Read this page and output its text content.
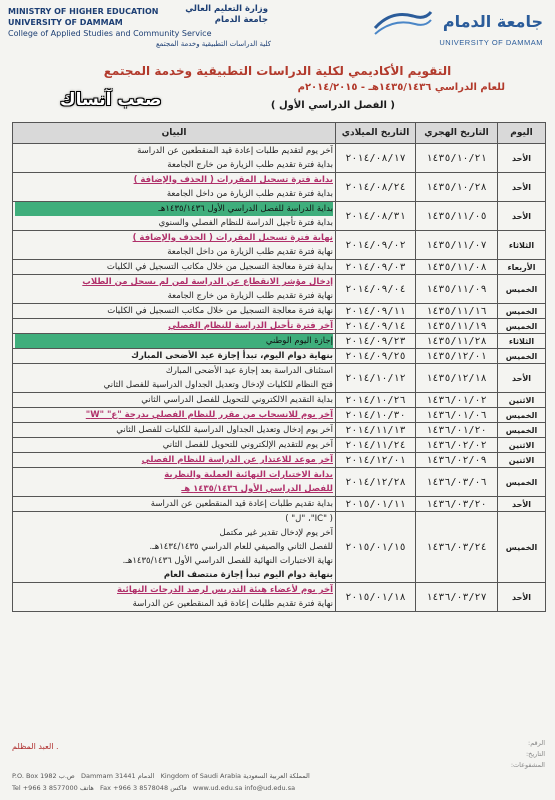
MINISTRY OF HIGHER EDUCATION
UNIVERSITY OF DAMMAM
College of Applied Studies and Community Service
وزارة التعليم العالي
جامعة الدمام

كلية الدراسات التطبيقية وخدمة المجتمع
جامعة الدمام
UNIVERSITY OF DAMMAM
التقويم الأكاديمي لكلية الدراسات التطبيقية وخدمة المجتمع
للعام الدراسي ١٤٣٥/١٤٣٦هـ - ٢٠١٤/٢٠١٥م
( الفصل الدراسي الأول )
صعب آنساك
اليوم	التاريخ الهجري	التاريخ الميلادي	البيان
الأحد	١٤٣٥/١٠/٢١	٢٠١٤/٠٨/١٧	آخر يوم لتقديم طلبات إعادة قيد المنقطعين عن الدراسة
بداية فترة تقديم طلب الزيارة من خارج الجامعة

الأحد	١٤٣٥/١٠/٢٨	٢٠١٤/٠٨/٢٤	بداية فترة تسجيل المقررات ( الحذف والإضافة )
بداية فترة تقديم طلب الزيارة من داخل الجامعة

الأحد	١٤٣٥/١١/٠٥	٢٠١٤/٠٨/٣١	بداية الدراسة للفصل الدراسي الأول ١٤٣٥/١٤٣٦هـ
بداية فترة تأجيل الدراسة للنظام الفصلي والسنوي

الثلاثاء	١٤٣٥/١١/٠٧	٢٠١٤/٠٩/٠٢	نهاية فترة تسجيل المقررات ( الحذف والإضافة )
نهاية فترة تقديم طلب الزيارة من داخل الجامعة

الأربعاء	١٤٣٥/١١/٠٨	٢٠١٤/٠٩/٠٣	بداية فترة معالجة التسجيل من خلال مكاتب التسجيل في الكليات

الخميس	١٤٣٥/١١/٠٩	٢٠١٤/٠٩/٠٤	إدخال مؤشر الانقطاع عن الدراسة لمن لم يسجل من الطلاب
نهاية فترة تقديم طلب الزيارة من خارج الجامعة

الخميس	١٤٣٥/١١/١٦	٢٠١٤/٠٩/١١	نهاية فترة معالجة التسجيل من خلال مكاتب التسجيل في الكليات

الخميس	١٤٣٥/١١/١٩	٢٠١٤/٠٩/١٤	آخر فترة تأجيل الدراسة للنظام الفصلي

الثلاثاء	١٤٣٥/١١/٢٨	٢٠١٤/٠٩/٢٣	إجازة اليوم الوطني

الخميس	١٤٣٥/١٢/٠١	٢٠١٤/٠٩/٢٥	بنهاية دوام اليوم، تبدأ إجازة عيد الأضحى المبارك

الأحد	١٤٣٥/١٢/١٨	٢٠١٤/١٠/١٢	استئناف الدراسة بعد إجازة عيد الأضحى المبارك
فتح النظام للكليات لإدخال وتعديل الجداول الدراسية للفصل الثاني

الاثنين	١٤٣٦/٠١/٠٢	٢٠١٤/١٠/٢٦	بداية التقديم الالكتروني للتحويل للفصل الدراسي الثاني

الخميس	١٤٣٦/٠١/٠٦	٢٠١٤/١٠/٣٠	آخر يوم للانسحاب من مقرر للنظام الفصلي بدرجة "ع" "W"

الخميس	١٤٣٦/٠١/٢٠	٢٠١٤/١١/١٣	آخر يوم إدخال وتعديل الجداول الدراسية للكليات للفصل الثاني

الاثنين	١٤٣٦/٠٢/٠٢	٢٠١٤/١١/٢٤	آخر يوم للتقديم الإلكتروني للتحويل للفصل الثاني

الاثنين	١٤٣٦/٠٢/٠٩	٢٠١٤/١٢/٠١	آخر موعد للاعتذار عن الدراسة للنظام الفصلي

الخميس	١٤٣٦/٠٣/٠٦	٢٠١٤/١٢/٢٨	بداية الاختبارات النهائية العملية والنظرية
للفصل الدراسي الأول ١٤٣٥/١٤٣٦ هـ

الأحد	١٤٣٦/٠٣/٢٠	٢٠١٥/٠١/١١	بداية تقديم طلبات إعادة قيد المنقطعين عن الدراسة

الخميس	١٤٣٦/٠٣/٢٤	٢٠١٥/٠١/١٥	( "IC"، "ل" )
آخر يوم لإدخال تقدير غير مكتمل
للفصل الثاني والصيفي للعام الدراسي ١٤٣٤/١٤٣٥هـ.
نهاية الاختبارات النهائية للفصل الدراسي الأول ١٤٣٥/١٤٣٦هـ.
بنهاية دوام اليوم تبدأ إجازة منتصف العام

الأحد	١٤٣٦/٠٣/٢٧	٢٠١٥/٠١/١٨	آخر يوم لأعضاء هيئة التدريس لرصد الدرجات النهائية
نهاية فترة تقديم طلبات إعادة قيد المنقطعين عن الدراسة
. العبد المظلم	الرقم:
التاريخ:
المشفوعات:
P.O. Box 1982 ص.ب Dammam 31441 الدمام Kingdom of Saudi Arabia المملكة العربية السعودية
Tel +966 3 8577000 هاتف Fax +966 3 8578048 فاكس www.ud.edu.sa info@ud.edu.sa
